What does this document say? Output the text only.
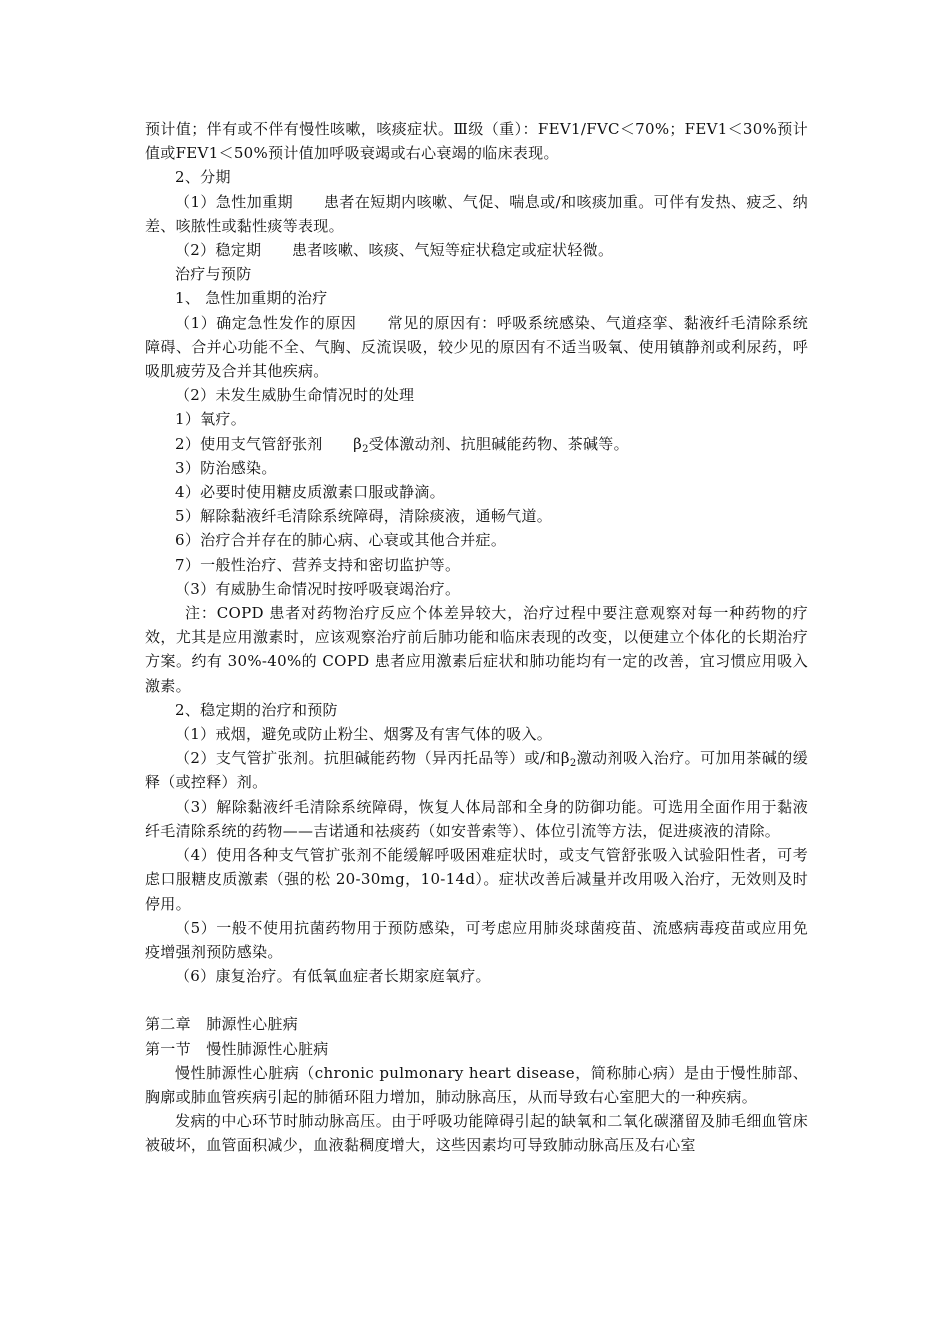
预计值；伴有或不伴有慢性咳嗽，咳痰症状。Ⅲ级（重）：FEV1/FVC＜70%；FEV1＜30%预计值或FEV1＜50%预计值加呼吸衰竭或右心衰竭的临床表现。

2、分期

（1）急性加重期　　患者在短期内咳嗽、气促、喘息或/和咳痰加重。可伴有发热、疲乏、纳差、咳脓性或黏性痰等表现。

（2）稳定期　　患者咳嗽、咳痰、气短等症状稳定或症状轻微。

治疗与预防

1、 急性加重期的治疗

（1）确定急性发作的原因　　常见的原因有：呼吸系统感染、气道痉挛、黏液纤毛清除系统障碍、合并心功能不全、气胸、反流误吸，较少见的原因有不适当吸氧、使用镇静剂或利尿药，呼吸肌疲劳及合并其他疾病。

（2）未发生威胁生命情况时的处理

1）氧疗。

2）使用支气管舒张剂　　$\beta_2$受体激动剂、抗胆碱能药物、茶碱等。

3）防治感染。

4）必要时使用糖皮质激素口服或静滴。

5）解除黏液纤毛清除系统障碍，清除痰液，通畅气道。

6）治疗合并存在的肺心病、心衰或其他合并症。

7）一般性治疗、营养支持和密切监护等。

（3）有威胁生命情况时按呼吸衰竭治疗。

注：COPD 患者对药物治疗反应个体差异较大，治疗过程中要注意观察对每一种药物的疗效，尤其是应用激素时，应该观察治疗前后肺功能和临床表现的改变，以便建立个体化的长期治疗方案。约有 30%-40%的 COPD 患者应用激素后症状和肺功能均有一定的改善，宜习惯应用吸入激素。

2、稳定期的治疗和预防

（1）戒烟，避免或防止粉尘、烟雾及有害气体的吸入。

（2）支气管扩张剂。抗胆碱能药物（异丙托品等）或/和$\beta_2$激动剂吸入治疗。可加用茶碱的缓释（或控释）剂。

（3）解除黏液纤毛清除系统障碍，恢复人体局部和全身的防御功能。可选用全面作用于黏液纤毛清除系统的药物——吉诺通和祛痰药（如安普索等）、体位引流等方法，促进痰液的清除。

（4）使用各种支气管扩张剂不能缓解呼吸困难症状时，或支气管舒张吸入试验阳性者，可考虑口服糖皮质激素（强的松 20-30mg，10-14d）。症状改善后减量并改用吸入治疗，无效则及时停用。

（5）一般不使用抗菌药物用于预防感染，可考虑应用肺炎球菌疫苗、流感病毒疫苗或应用免疫增强剂预防感染。

（6）康复治疗。有低氧血症者长期家庭氧疗。

第二章　肺源性心脏病

第一节　慢性肺源性心脏病

慢性肺源性心脏病（chronic pulmonary heart disease，简称肺心病）是由于慢性肺部、胸廓或肺血管疾病引起的肺循环阻力增加，肺动脉高压，从而导致右心室肥大的一种疾病。

发病的中心环节时肺动脉高压。由于呼吸功能障碍引起的缺氧和二氧化碳潴留及肺毛细血管床被破坏，血管面积减少，血液黏稠度增大，这些因素均可导致肺动脉高压及右心室
